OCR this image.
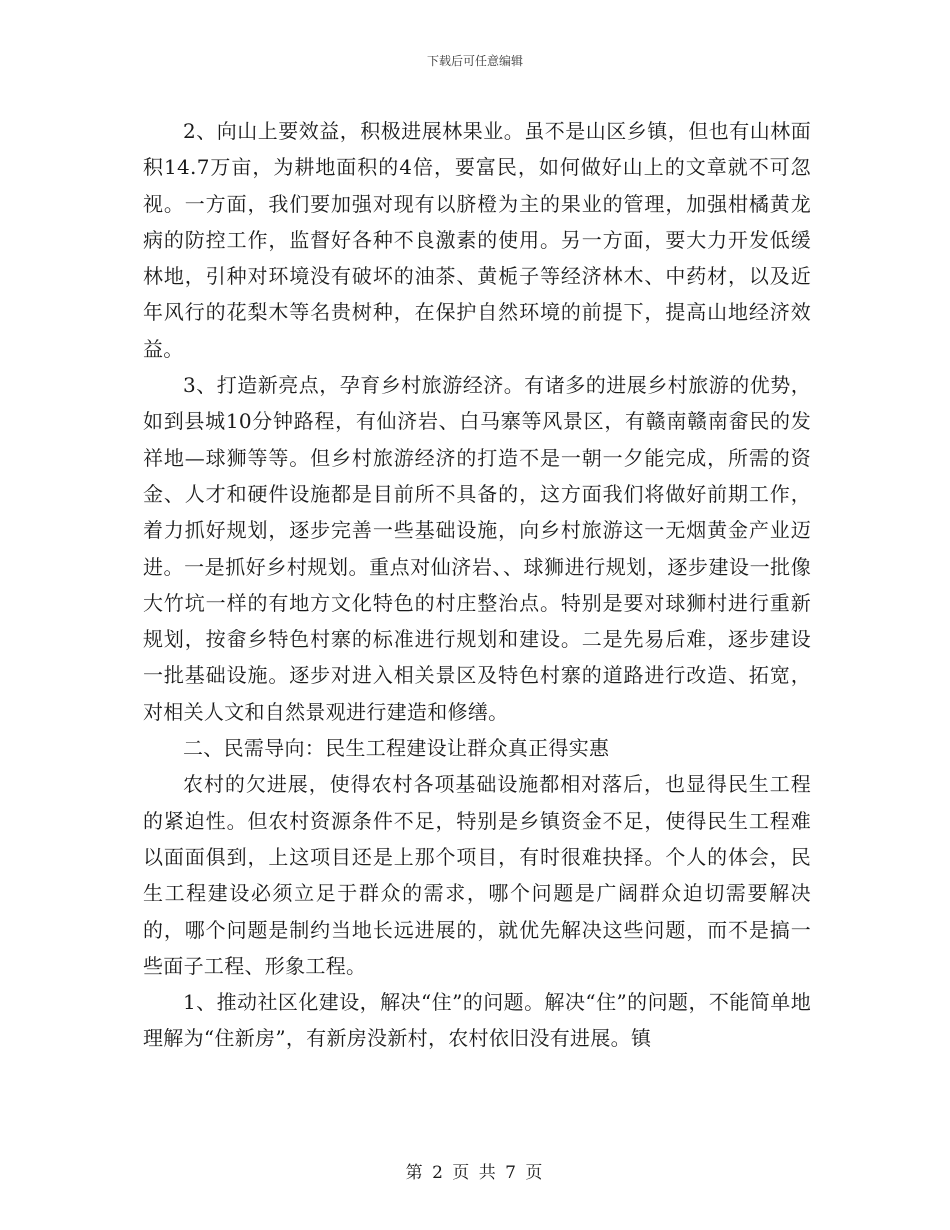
下载后可任意编辑

2、向山上要效益，积极进展林果业。虽不是山区乡镇，但也有山林面积14.7万亩，为耕地面积的4倍，要富民，如何做好山上的文章就不可忽视。一方面，我们要加强对现有以脐橙为主的果业的管理，加强柑橘黄龙病的防控工作，监督好各种不良激素的使用。另一方面，要大力开发低缓林地，引种对环境没有破坏的油茶、黄栀子等经济林木、中药材，以及近年风行的花梨木等名贵树种，在保护自然环境的前提下，提高山地经济效益。

3、打造新亮点，孕育乡村旅游经济。有诸多的进展乡村旅游的优势，如到县城10分钟路程，有仙济岩、白马寨等风景区，有赣南赣南畲民的发祥地—球狮等等。但乡村旅游经济的打造不是一朝一夕能完成，所需的资金、人才和硬件设施都是目前所不具备的，这方面我们将做好前期工作，着力抓好规划，逐步完善一些基础设施，向乡村旅游这一无烟黄金产业迈进。一是抓好乡村规划。重点对仙济岩、、球狮进行规划，逐步建设一批像大竹坑一样的有地方文化特色的村庄整治点。特别是要对球狮村进行重新规划，按畲乡特色村寨的标准进行规划和建设。二是先易后难，逐步建设一批基础设施。逐步对进入相关景区及特色村寨的道路进行改造、拓宽，对相关人文和自然景观进行建造和修缮。

二、民需导向：民生工程建设让群众真正得实惠

农村的欠进展，使得农村各项基础设施都相对落后，也显得民生工程的紧迫性。但农村资源条件不足，特别是乡镇资金不足，使得民生工程难以面面俱到，上这项目还是上那个项目，有时很难抉择。个人的体会，民生工程建设必须立足于群众的需求，哪个问题是广阔群众迫切需要解决的，哪个问题是制约当地长远进展的，就优先解决这些问题，而不是搞一些面子工程、形象工程。

1、推动社区化建设，解决“住”的问题。解决“住”的问题，不能简单地理解为“住新房”，有新房没新村，农村依旧没有进展。镇

第 2 页 共 7 页
